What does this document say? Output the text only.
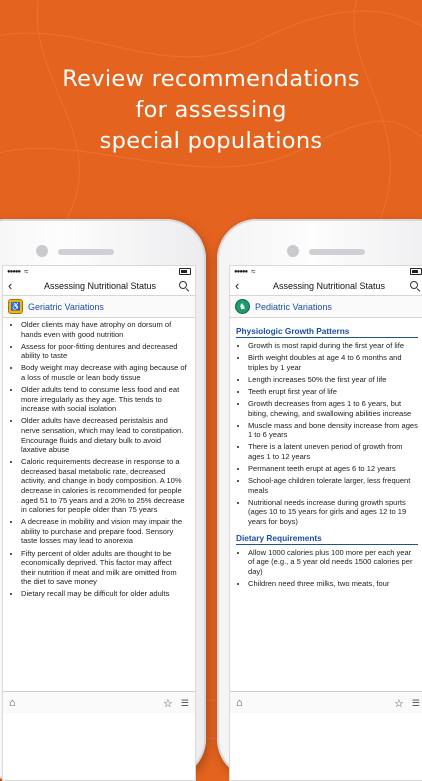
Review recommendations
for assessing
special populations
●●●●● ≈
‹	Assessing Nutritional Status
♿ Geriatric Variations
• Older clients may have atrophy on dorsum of hands even with good nutrition
• Assess for poor-fitting dentures and decreased ability to taste
• Body weight may decrease with aging because of a loss of muscle or lean body tissue
• Older adults tend to consume less food and eat more irregularly as they age. This tends to increase with social isolation
• Older adults have decreased peristalsis and nerve sensation, which may lead to constipation. Encourage fluids and dietary bulk to avoid laxative abuse
• Caloric requirements decrease in response to a decreased basal metabolic rate, decreased activity, and change in body composition. A 10% decrease in calories is recommended for people aged 51 to 75 years and a 20% to 25% decrease in calories for people older than 75 years
• A decrease in mobility and vision may impair the ability to purchase and prepare food. Sensory taste losses may lead to anorexia
• Fifty percent of older adults are thought to be economically deprived. This factor may affect their nutrition if meat and milk are omitted from the diet to save money
• Dietary recall may be difficult for older adults
⌂	☆ ☰
●●●●● ≈
‹	Assessing Nutritional Status
♞ Pediatric Variations
Physiologic Growth Patterns
• Growth is most rapid during the first year of life
• Birth weight doubles at age 4 to 6 months and triples by 1 year
• Length increases 50% the first year of life
• Teeth erupt first year of life
• Growth decreases from ages 1 to 6 years, but biting, chewing, and swallowing abilities increase
• Muscle mass and bone density increase from ages 1 to 6 years
• There is a latent uneven period of growth from ages 1 to 12 years
• Permanent teeth erupt at ages 6 to 12 years
• School-age children tolerate larger, less frequent meals
• Nutritional needs increase during growth spurts (ages 10 to 15 years for girls and ages 12 to 19 years for boys)
Dietary Requirements
• Allow 1000 calories plus 100 more per each year of age (e.g., a 5 year old needs 1500 calories per day)
• Children need three milks, two meats, four
⌂	☆ ☰
